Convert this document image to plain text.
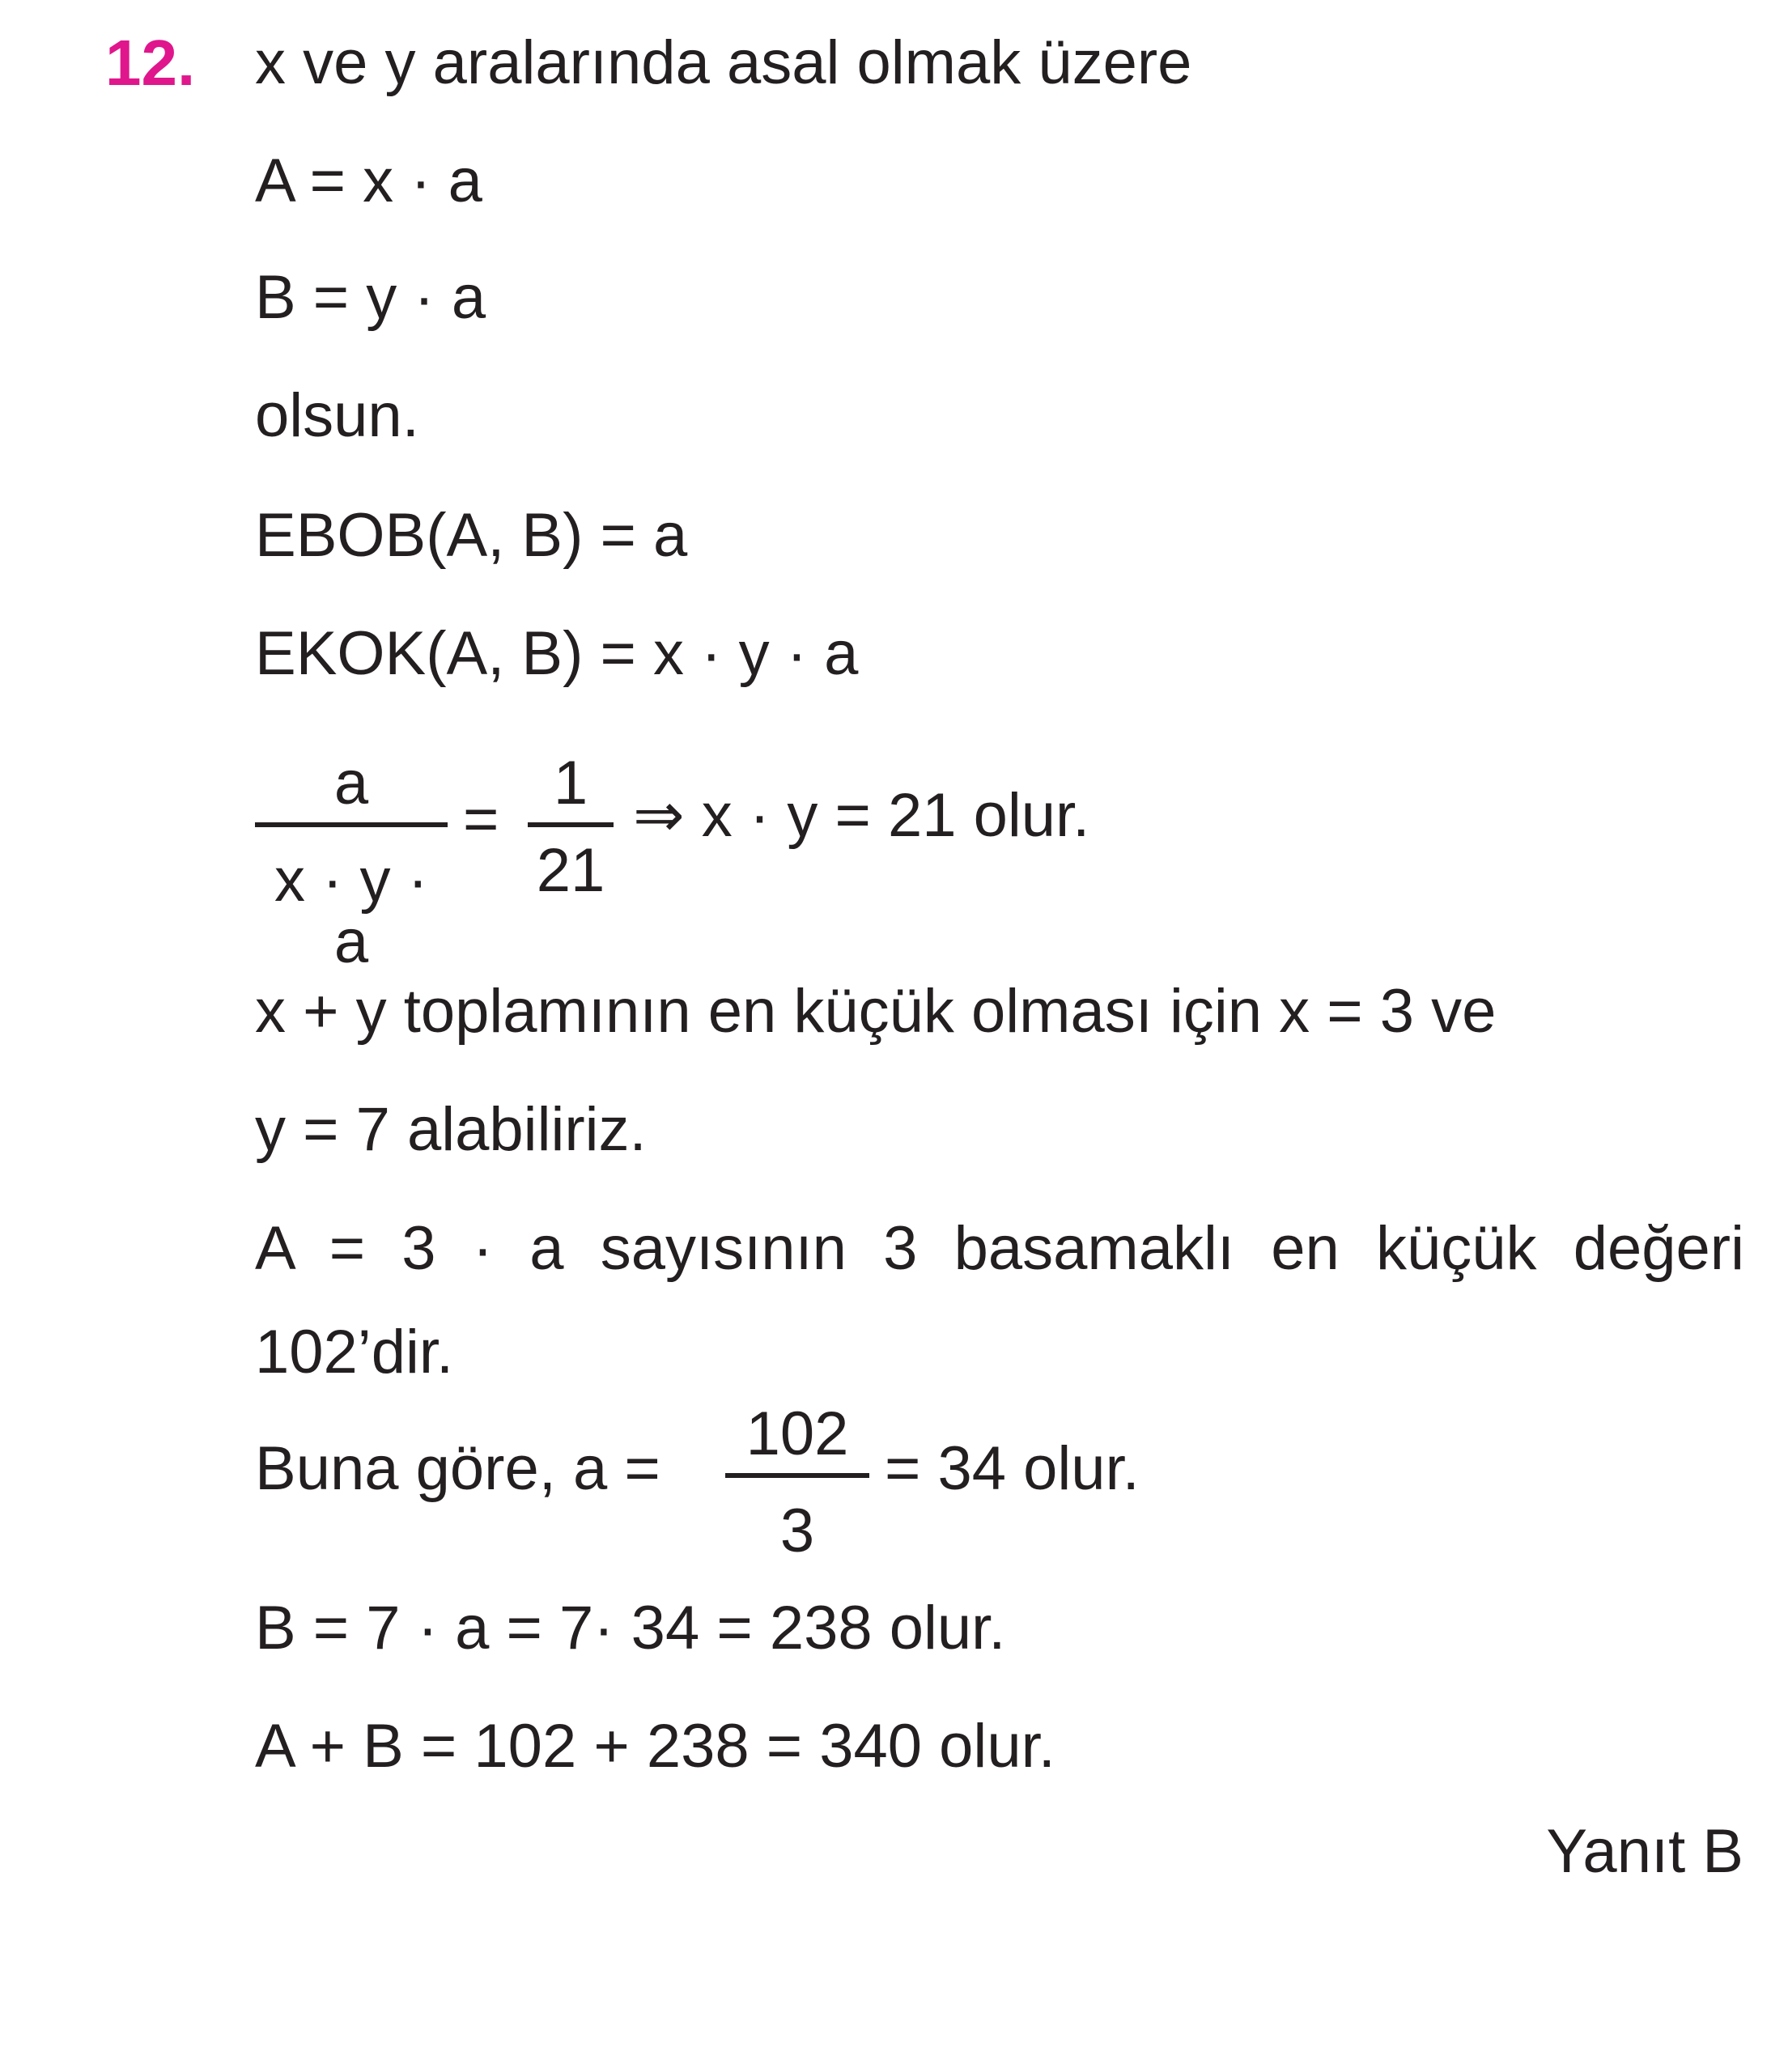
12. x ve y aralarında asal olmak üzere
A = x · a
B = y · a
olsun.
EBOB(A, B) = a
EKOK(A, B) = x · y · a
a
x · y · a
=
1
21
⇒ x · y = 21 olur.
x + y toplamının en küçük olması için x = 3 ve
y = 7 alabiliriz.
A = 3 · a sayısının 3 basamaklı en küçük değeri
102’dir.
Buna göre, a =
102
3
= 34 olur.
B = 7 · a = 7· 34 = 238 olur.
A + B = 102 + 238 = 340 olur.
Yanıt B
